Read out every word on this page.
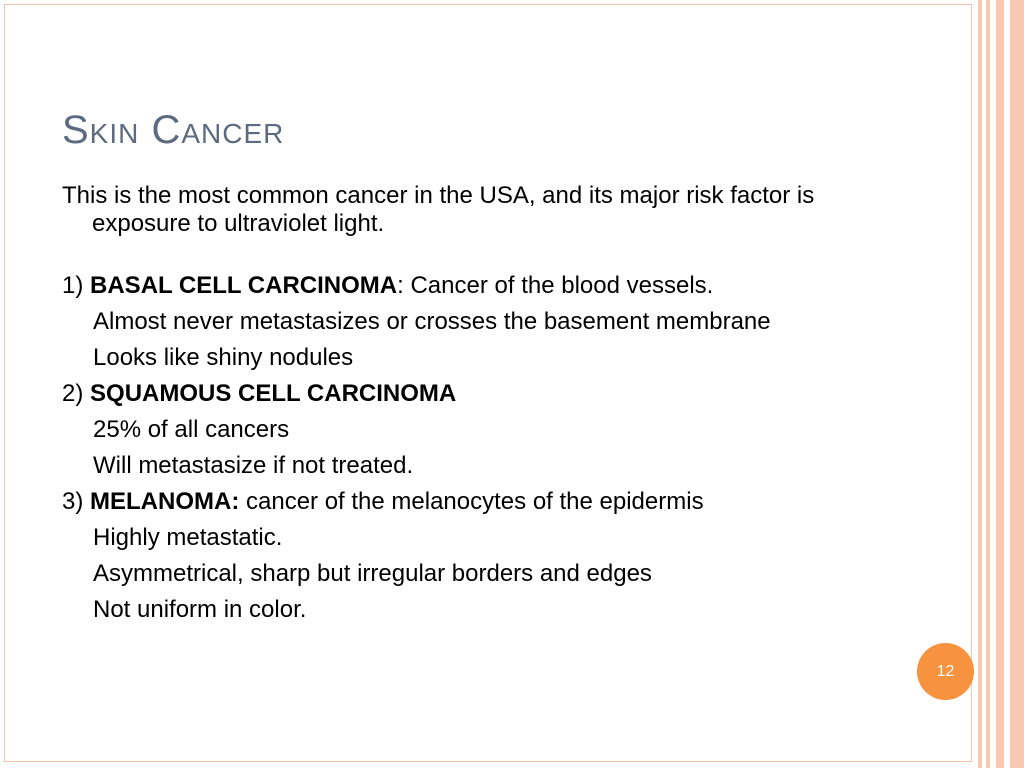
Skin Cancer

This is the most common cancer in the USA, and its major risk factor is exposure to ultraviolet light.

1) BASAL CELL CARCINOMA: Cancer of the blood vessels.

Almost never metastasizes or crosses the basement membrane

Looks like shiny nodules

2) SQUAMOUS CELL CARCINOMA

25% of all cancers

Will metastasize if not treated.

3) MELANOMA: cancer of the melanocytes of the epidermis

Highly metastatic.

Asymmetrical, sharp but irregular borders and edges

Not uniform in color.

12
